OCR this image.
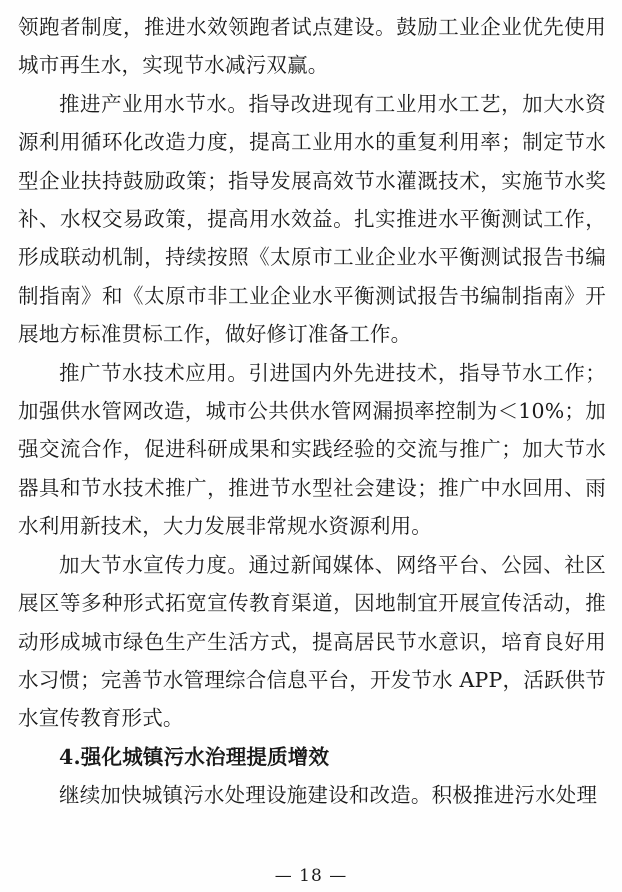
领跑者制度，推进水效领跑者试点建设。鼓励工业企业优先使用城市再生水，实现节水减污双赢。

推进产业用水节水。指导改进现有工业用水工艺，加大水资源利用循环化改造力度，提高工业用水的重复利用率；制定节水型企业扶持鼓励政策；指导发展高效节水灌溉技术，实施节水奖补、水权交易政策，提高用水效益。扎实推进水平衡测试工作，形成联动机制，持续按照《太原市工业企业水平衡测试报告书编制指南》和《太原市非工业企业水平衡测试报告书编制指南》开展地方标准贯标工作，做好修订准备工作。

推广节水技术应用。引进国内外先进技术，指导节水工作；加强供水管网改造，城市公共供水管网漏损率控制为＜10%；加强交流合作，促进科研成果和实践经验的交流与推广；加大节水器具和节水技术推广，推进节水型社会建设；推广中水回用、雨水利用新技术，大力发展非常规水资源利用。

加大节水宣传力度。通过新闻媒体、网络平台、公园、社区展区等多种形式拓宽宣传教育渠道，因地制宜开展宣传活动，推动形成城市绿色生产生活方式，提高居民节水意识，培育良好用水习惯；完善节水管理综合信息平台，开发节水 APP，活跃供节水宣传教育形式。

4.强化城镇污水治理提质增效

继续加快城镇污水处理设施建设和改造。积极推进污水处理

— 18 —
